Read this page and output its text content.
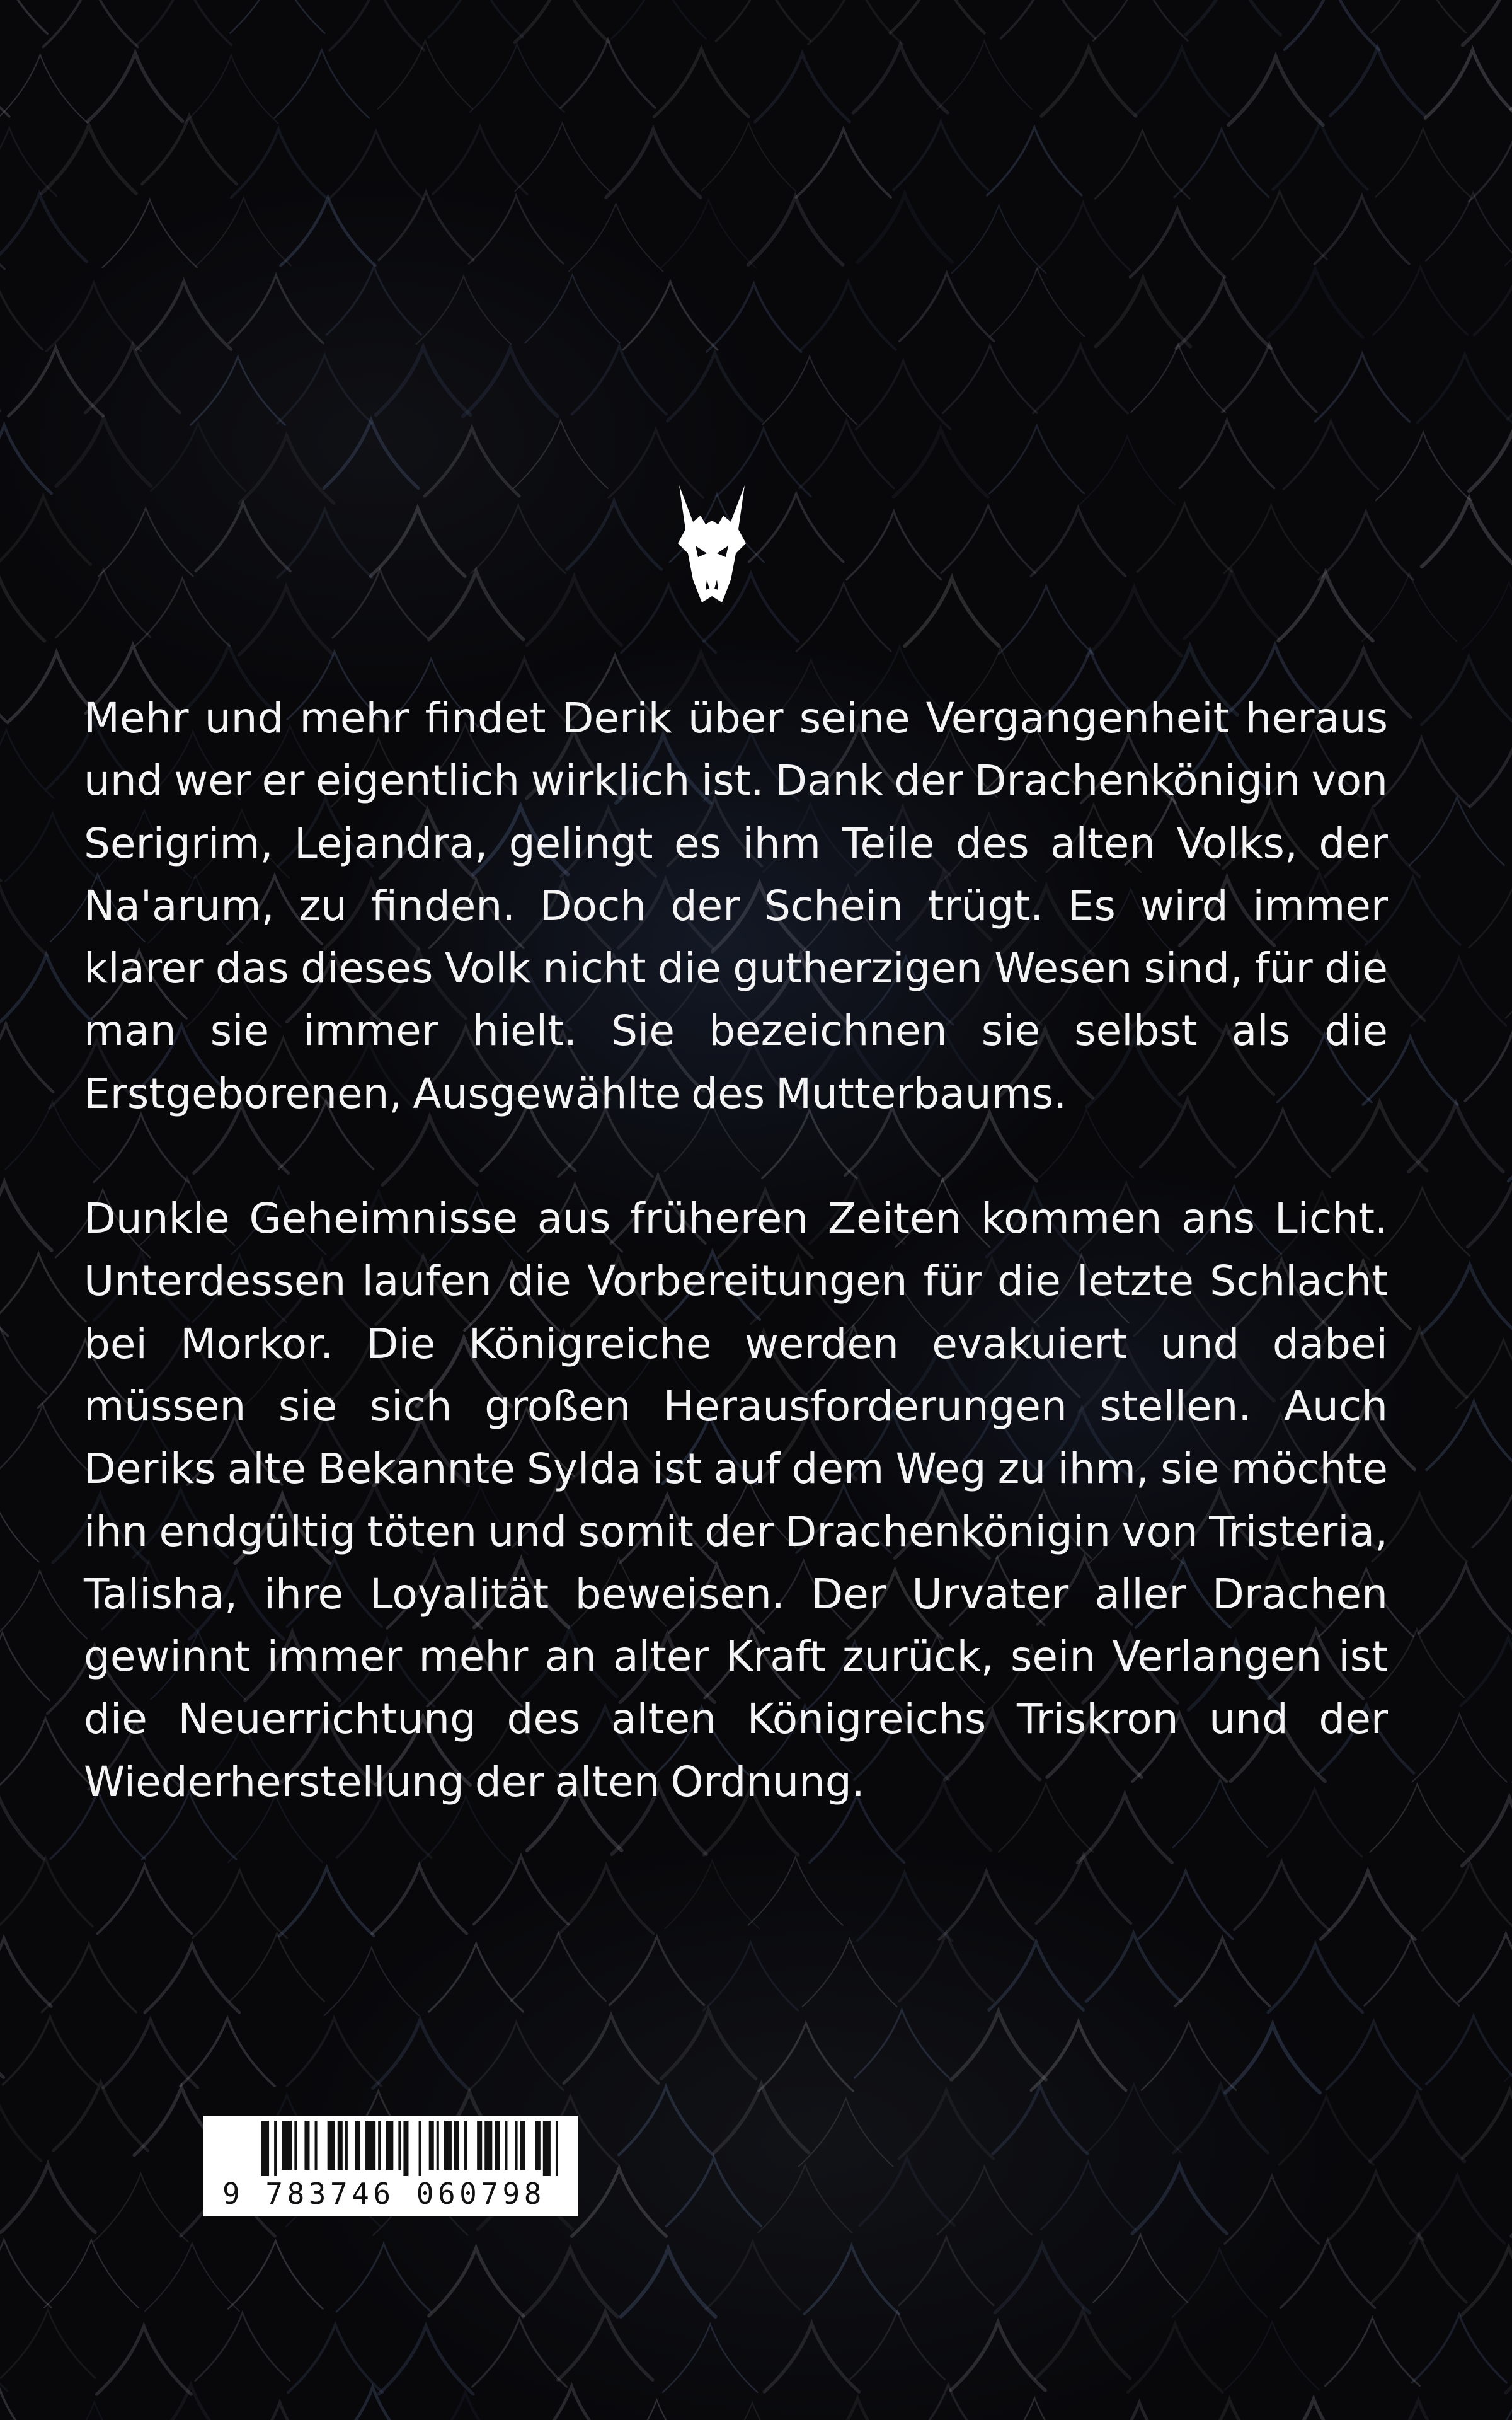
Mehr und mehr findet Derik über seine Vergangenheit heraus und wer er eigentlich wirklich ist. Dank der Drachenkönigin von Serigrim, Lejandra, gelingt es ihm Teile des alten Volks, der Na'arum, zu finden. Doch der Schein trügt. Es wird immer klarer das dieses Volk nicht die gutherzigen Wesen sind, für die man sie immer hielt. Sie bezeichnen sie selbst als die Erstgeborenen, Ausgewählte des Mutterbaums.

Dunkle Geheimnisse aus früheren Zeiten kommen ans Licht. Unterdessen laufen die Vorbereitungen für die letzte Schlacht bei Morkor. Die Königreiche werden evakuiert und dabei müssen sie sich großen Herausforderungen stellen. Auch Deriks alte Bekannte Sylda ist auf dem Weg zu ihm, sie möchte ihn endgültig töten und somit der Drachenkönigin von Tristeria, Talisha, ihre Loyalität beweisen. Der Urvater aller Drachen gewinnt immer mehr an alter Kraft zurück, sein Verlangen ist die Neuerrichtung des alten Königreichs Triskron und der Wiederherstellung der alten Ordnung.

9 783746 060798
